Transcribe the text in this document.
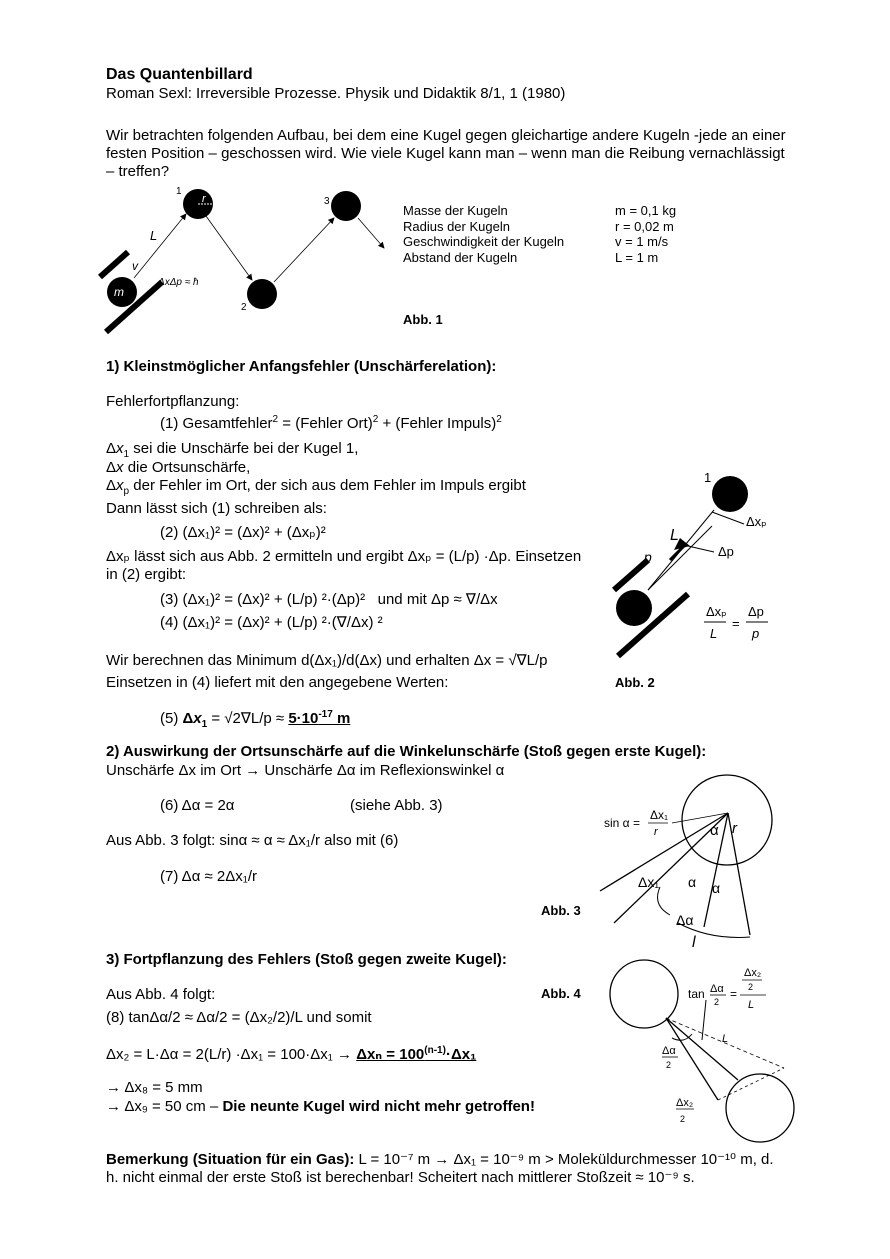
Das Quantenbillard
Roman Sexl: Irreversible Prozesse. Physik und Didaktik 8/1, 1 (1980)
Wir betrachten folgenden Aufbau, bei dem eine Kugel gegen gleichartige andere Kugeln -jede an einer festen Position – geschossen wird. Wie viele Kugel kann man – wenn man die Reibung vernachlässigt – treffen?
r
1
2
3
L
v
m
ΔxΔp ≈ ħ
Masse der Kugeln	m = 0,1 kg
Radius der Kugeln	r = 0,02 m
Geschwindigkeit der Kugeln	v = 1 m/s
Abstand der Kugeln	L = 1 m
Abb. 1
1) Kleinstmöglicher Anfangsfehler (Unschärferelation):
Fehlerfortpflanzung:
(1) Gesamtfehler$^2$ = (Fehler Ort)$^2$ + (Fehler Impuls)$^2$
$\Delta x_1$ sei die Unschärfe bei der Kugel 1,
Δx die Ortsunschärfe,
$\Delta x_p$ der Fehler im Ort, der sich aus dem Fehler im Impuls ergibt
Dann lässt sich (1) schreiben als:
(2) (Δx₁)² = (Δx)² + (Δxₚ)²
Δxₚ lässt sich aus Abb. 2 ermitteln und ergibt Δxₚ = (L/p) ·Δp. Einsetzen in (2) ergibt:
(3) (Δx₁)² = (Δx)² + (L/p) ²·(Δp)² und mit Δp ≈ ∇/Δx
(4) (Δx₁)² = (Δx)² + (L/p) ²·(∇/Δx) ²
Wir berechnen das Minimum d(Δx₁)/d(Δx) und erhalten Δx = √∇L/p
Einsetzen in (4) liefert mit den angegebene Werten:
(5) $\Delta x_1 = √2\nabla L/p \approx 5\cdot 10^{-17}$ m
1
L
p
Δxₚ
Δp
Δxₚ
L
=
Δp
p
Abb. 2
2) Auswirkung der Ortsunschärfe auf die Winkelunschärfe (Stoß gegen erste Kugel):
Unschärfe Δx im Ort → Unschärfe Δα im Reflexionswinkel α
(6) Δα = 2α	(siehe Abb. 3)
Aus Abb. 3 folgt: sinα ≈ α ≈ Δx₁/r also mit (6)
(7) Δα ≈ 2Δx₁/r
sin α =
Δx₁
r	α r
Δx₁ α α
Δα
l
Abb. 3
3) Fortpflanzung des Fehlers (Stoß gegen zweite Kugel):
Aus Abb. 4 folgt:
(8) tanΔα/2 ≈ Δα/2 = (Δx₂/2)/L und somit
$\Delta x_2 = L\cdot\Delta\alpha = 2(L/r) \cdot\Delta x_1 = 100\cdot\Delta x_1 \to \Delta x_n = 100^{(n-1)}\cdot\Delta x_1$
→ Δx₈ = 5 mm
→ Δx₉ = 50 cm – Die neunte Kugel wird nicht mehr getroffen!
Abb. 4	tan Δα
2
=
Δx₂
2
L
L
Δα
2
Δx₂
2
Bemerkung (Situation für ein Gas): L = 10⁻⁷ m → Δx₁ = 10⁻⁹ m > Moleküldurchmesser 10⁻¹⁰ m, d. h. nicht einmal der erste Stoß ist berechenbar! Scheitert nach mittlerer Stoßzeit ≈ 10⁻⁹ s.
